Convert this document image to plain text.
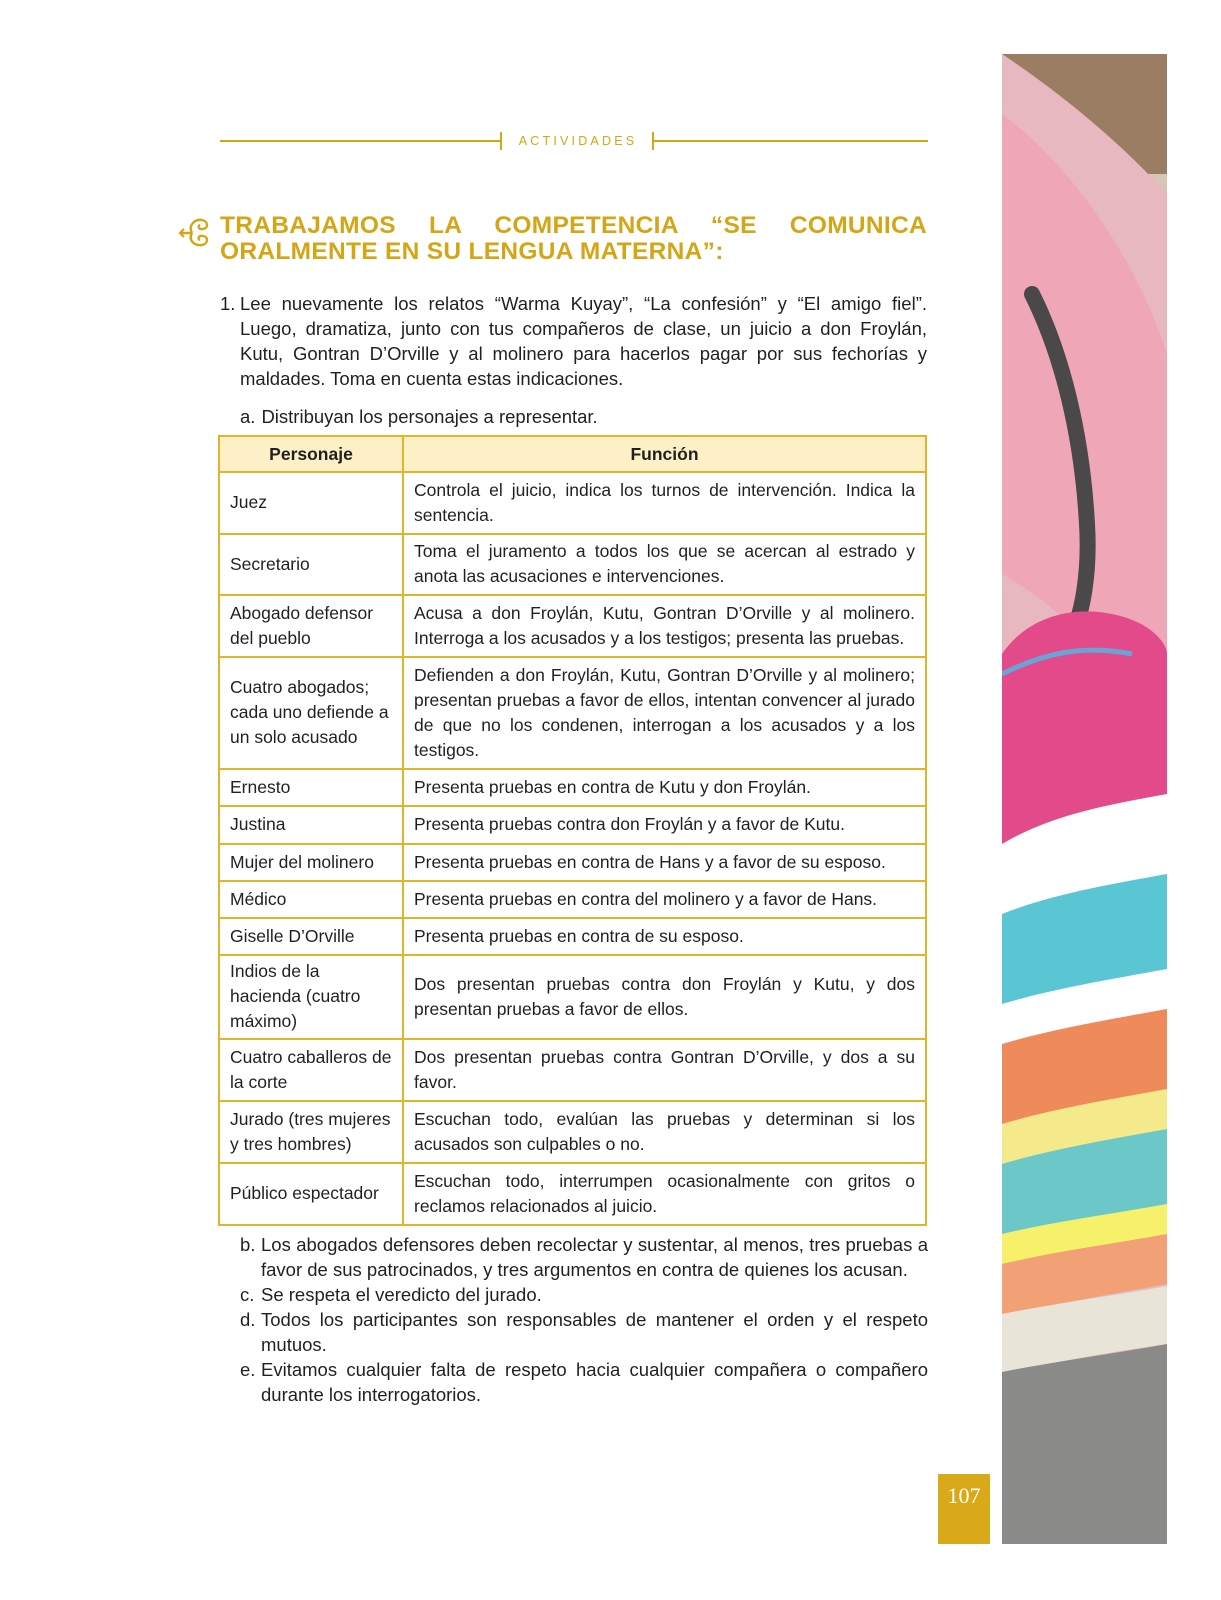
ACTIVIDADES
TRABAJAMOS LA COMPETENCIA “SE COMUNICA ORALMENTE EN SU LENGUA MATERNA”:
1. Lee nuevamente los relatos “Warma Kuyay”, “La confesión” y “El amigo fiel”. Luego, dramatiza, junto con tus compañeros de clase, un juicio a don Froylán, Kutu, Gontran D’Orville y al molinero para hacerlos pagar por sus fechorías y maldades. Toma en cuenta estas indicaciones.
a. Distribuyan los personajes a representar.
Personaje	Función
Juez	Controla el juicio, indica los turnos de intervención. Indica la sentencia.
Secretario	Toma el juramento a todos los que se acercan al estrado y anota las acusaciones e intervenciones.
Abogado defensor del pueblo	Acusa a don Froylán, Kutu, Gontran D’Orville y al molinero. Interroga a los acusados y a los testigos; presenta las pruebas.
Cuatro abogados; cada uno defiende a un solo acusado	Defienden a don Froylán, Kutu, Gontran D’Orville y al molinero; presentan pruebas a favor de ellos, intentan convencer al jurado de que no los condenen, interrogan a los acusados y a los testigos.
Ernesto	Presenta pruebas en contra de Kutu y don Froylán.
Justina	Presenta pruebas contra don Froylán y a favor de Kutu.
Mujer del molinero	Presenta pruebas en contra de Hans y a favor de su esposo.
Médico	Presenta pruebas en contra del molinero y a favor de Hans.
Giselle D’Orville	Presenta pruebas en contra de su esposo.
Indios de la hacienda (cuatro máximo)	Dos presentan pruebas contra don Froylán y Kutu, y dos presentan pruebas a favor de ellos.
Cuatro caballeros de la corte	Dos presentan pruebas contra Gontran D’Orville, y dos a su favor.
Jurado (tres mujeres y tres hombres)	Escuchan todo, evalúan las pruebas y determinan si los acusados son culpables o no.
Público espectador	Escuchan todo, interrumpen ocasionalmente con gritos o reclamos relacionados al juicio.
b. Los abogados defensores deben recolectar y sustentar, al menos, tres pruebas a favor de sus patrocinados, y tres argumentos en contra de quienes los acusan.
c. Se respeta el veredicto del jurado.
d. Todos los participantes son responsables de mantener el orden y el respeto mutuos.
e. Evitamos cualquier falta de respeto hacia cualquier compañera o compañero durante los interrogatorios.
107
